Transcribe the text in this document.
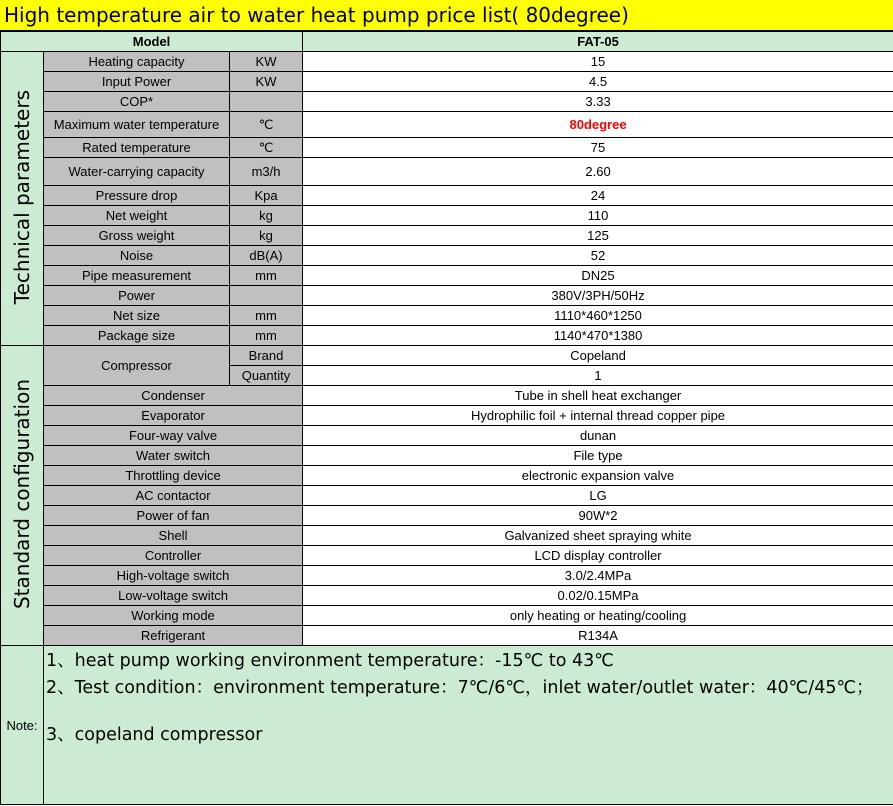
High temperature air to water heat pump price list( 80degree)
Model			FAT-05
Technical parameters	Heating capacity	KW	15
	Input Power	KW	4.5
	COP*		3.33
	Maximum water temperature	℃	80degree
	Rated temperature	℃	75
	Water-carrying capacity	m3/h	2.60
	Pressure drop	Kpa	24
	Net weight	kg	110
	Gross weight	kg	125
	Noise	dB(A)	52
	Pipe measurement	mm	DN25
	Power		380V/3PH/50Hz
	Net size	mm	1110*460*1250
	Package size	mm	1140*470*1380
Standard configuration	Compressor	Brand	Copeland
		Quantity	1
	Condenser		Tube in shell heat exchanger
	Evaporator		Hydrophilic foil + internal thread copper pipe
	Four-way valve		dunan
	Water switch		File type
	Throttling device		electronic expansion valve
	AC contactor		LG
	Power of fan		90W*2
	Shell		Galvanized sheet spraying white
	Controller		LCD display controller
	High-voltage switch		3.0/2.4MPa
	Low-voltage switch		0.02/0.15MPa
	Working mode		only heating or heating/cooling
	Refrigerant		R134A
Note:	1、heat pump working environment temperature：-15℃ to 43℃
2、Test condition：environment temperature：7℃/6℃，inlet water/outlet water：40℃/45℃；
3、copeland compressor		
